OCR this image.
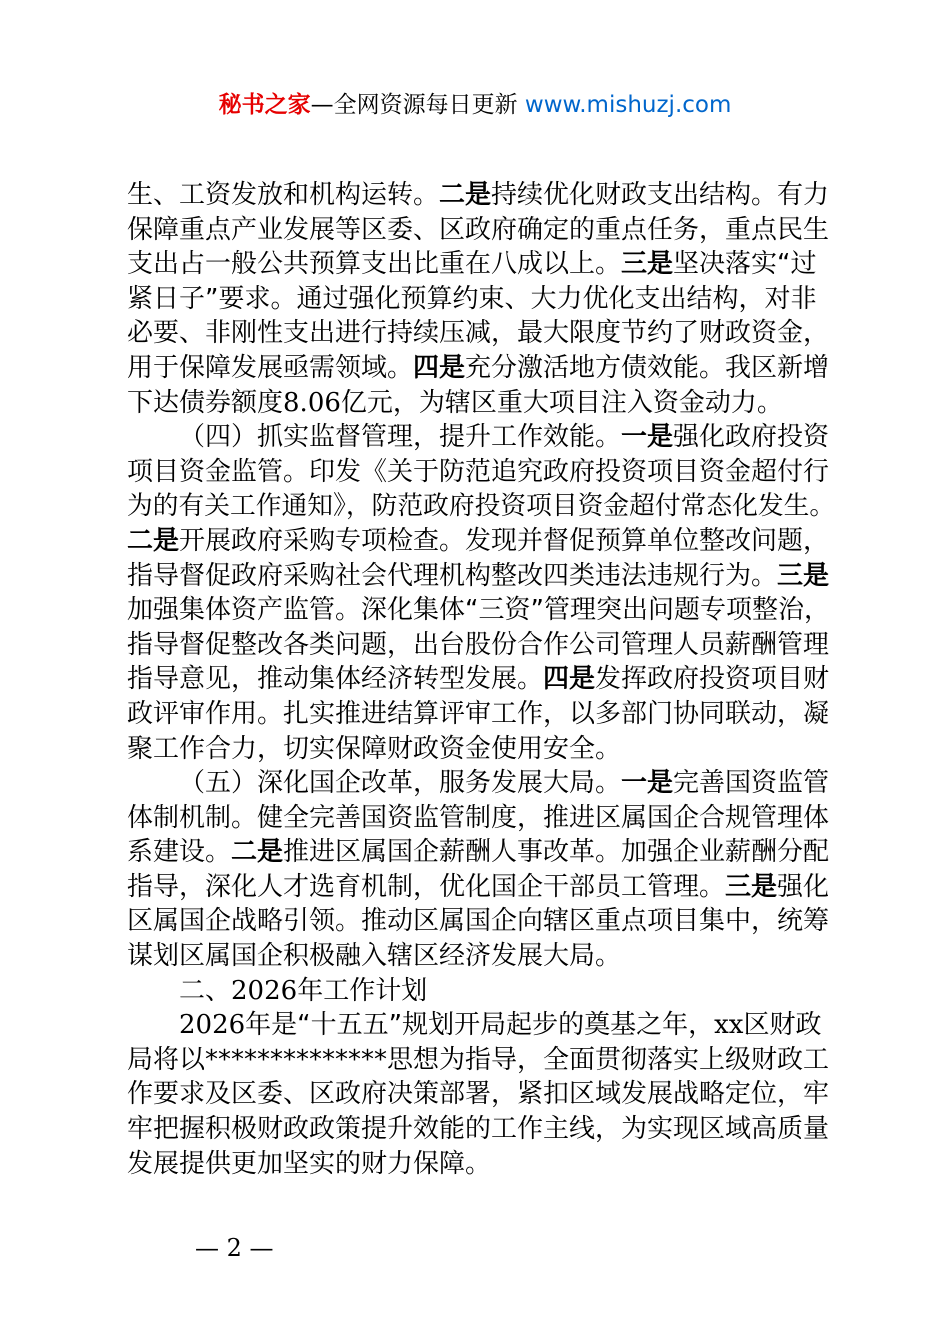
秘书之家—全网资源每日更新 www.mishuzj.com
生、工资发放和机构运转。二是持续优化财政支出结构。有力
保障重点产业发展等区委、区政府确定的重点任务，重点民生
支出占一般公共预算支出比重在八成以上。三是坚决落实“过
紧日子”要求。通过强化预算约束、大力优化支出结构，对非
必要、非刚性支出进行持续压减，最大限度节约了财政资金，
用于保障发展亟需领域。四是充分激活地方债效能。我区新增
下达债券额度8.06亿元，为辖区重大项目注入资金动力。
（四）抓实监督管理，提升工作效能。一是强化政府投资
项目资金监管。印发《关于防范追究政府投资项目资金超付行
为的有关工作通知》，防范政府投资项目资金超付常态化发生。
二是开展政府采购专项检查。发现并督促预算单位整改问题，
指导督促政府采购社会代理机构整改四类违法违规行为。三是
加强集体资产监管。深化集体“三资”管理突出问题专项整治，
指导督促整改各类问题，出台股份合作公司管理人员薪酬管理
指导意见，推动集体经济转型发展。四是发挥政府投资项目财
政评审作用。扎实推进结算评审工作，以多部门协同联动，凝
聚工作合力，切实保障财政资金使用安全。
（五）深化国企改革，服务发展大局。一是完善国资监管
体制机制。健全完善国资监管制度，推进区属国企合规管理体
系建设。二是推进区属国企薪酬人事改革。加强企业薪酬分配
指导，深化人才选育机制，优化国企干部员工管理。三是强化
区属国企战略引领。推动区属国企向辖区重点项目集中，统筹
谋划区属国企积极融入辖区经济发展大局。
二、2026年工作计划
2026年是“十五五”规划开局起步的奠基之年，xx区财政
局将以**************思想为指导，全面贯彻落实上级财政工
作要求及区委、区政府决策部署，紧扣区域发展战略定位，牢
牢把握积极财政政策提升效能的工作主线，为实现区域高质量
发展提供更加坚实的财力保障。
— 2 —
